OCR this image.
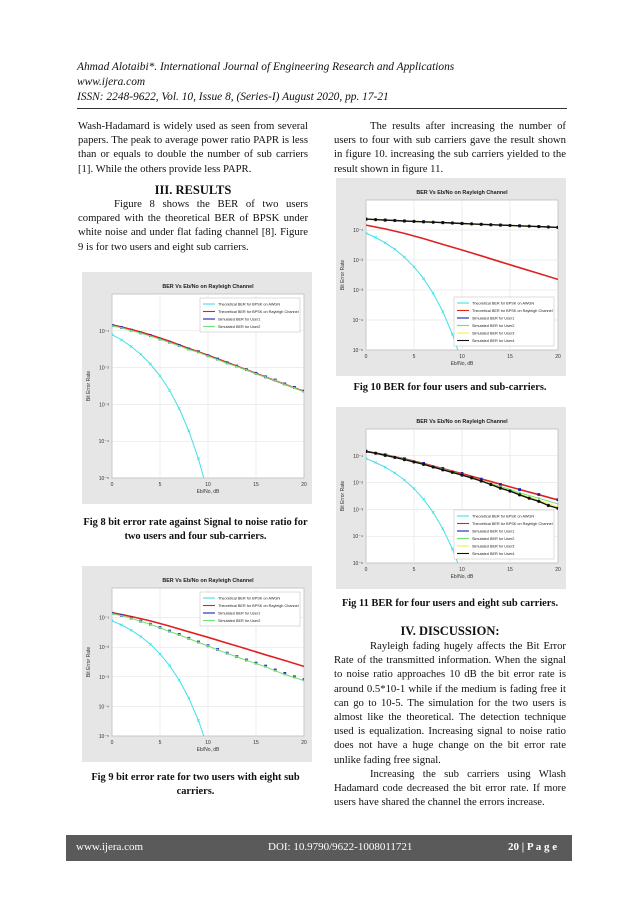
Ahmad Alotaibi*. International Journal of Engineering Research and Applications
www.ijera.com
ISSN: 2248-9622, Vol. 10, Issue 8, (Series-I) August 2020, pp. 17-21

Wash-Hadamard is widely used as seen from several papers. The peak to average power ratio PAPR is less than or equals to double the number of sub carriers [1]. While the others provide less PAPR.

III. RESULTS

Figure 8 shows the BER of two users compared with the theoretical BER of BPSK under white noise and under flat fading channel [8]. Figure 9 is for two users and eight sub carriers.

0	5	10	15	20
10⁻¹
10⁻²
10⁻³
10⁻⁴
10⁻⁵
BER Vs Eb/No on Rayleigh Channel
Eb/No, dB
Bit Error Rate
Theoretical BER for BPSK on AWGN
Theoretical BER for BPSK on Rayleigh Channel
Simulated BER for User1
Simulated BER for User2
Fig 8 bit error rate against Signal to noise ratio for two users and four sub-carriers.
0	5	10	15	20
10⁻¹
10⁻²
10⁻³
10⁻⁴
10⁻⁵
BER Vs Eb/No on Rayleigh Channel
Eb/No, dB
Bit Error Rate
Theoretical BER for BPSK on AWGN
Theoretical BER for BPSK on Rayleigh Channel
Simulated BER for User1
Simulated BER for User2
Fig 9 bit error rate for two users with eight sub carriers.

The results after increasing the number of users to four with sub carriers gave the result shown in figure 10. increasing the sub carriers yielded to the result shown in figure 11.

0	5	10	15	20
10⁻¹
10⁻²
10⁻³
10⁻⁴
10⁻⁵
BER Vs Eb/No on Rayleigh Channel
Eb/No, dB
Bit Error Rate
Theoretical BER for BPSK on AWGN
Theoretical BER for BPSK on Rayleigh Channel
Simulated BER for User1
Simulated BER for User2
Simulated BER for User3
Simulated BER for User4
Fig 10 BER for four users and sub-carriers.
0	5	10	15	20
10⁻¹
10⁻²
10⁻³
10⁻⁴
10⁻⁵
BER Vs Eb/No on Rayleigh Channel
Eb/No, dB
Bit Error Rate
Theoretical BER for BPSK on AWGN
Theoretical BER for BPSK on Rayleigh Channel
Simulated BER for User1
Simulated BER for User2
Simulated BER for User3
Simulated BER for User4
Fig 11 BER for four users and eight sub carriers.
IV. DISCUSSION:

Rayleigh fading hugely affects the Bit Error Rate of the transmitted information. When the signal to noise ratio approaches 10 dB the bit error rate is around 0.5*10-1 while if the medium is fading free it can go to 10-5. The simulation for the two users is almost like the theoretical. The detection technique used is equalization. Increasing signal to noise ratio does not have a huge change on the bit error rate unlike fading free signal.

Increasing the sub carriers using Wlash Hadamard code decreased the bit error rate. If more users have shared the channel the errors increase.

www.ijera.com	DOI: 10.9790/9622-1008011721	20 | P a g e
